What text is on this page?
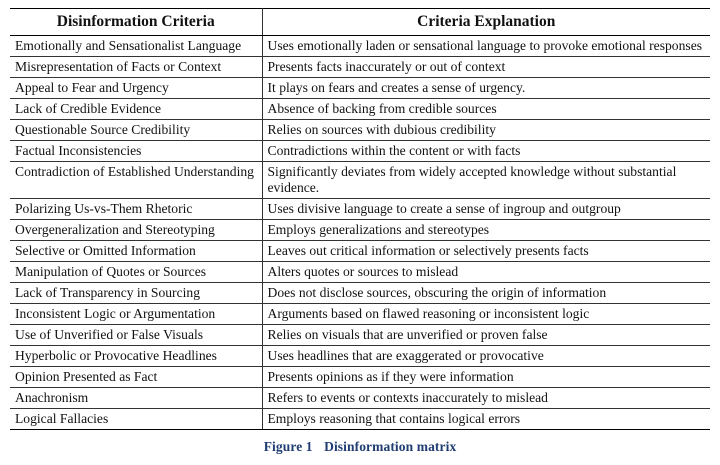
Disinformation Criteria	Criteria Explanation
Emotionally and Sensationalist Language	Uses emotionally laden or sensational language to provoke emotional responses
Misrepresentation of Facts or Context	Presents facts inaccurately or out of context
Appeal to Fear and Urgency	It plays on fears and creates a sense of urgency.
Lack of Credible Evidence	Absence of backing from credible sources
Questionable Source Credibility	Relies on sources with dubious credibility
Factual Inconsistencies	Contradictions within the content or with facts
Contradiction of Established Understanding	Significantly deviates from widely accepted knowledge without substantial evidence.
Polarizing Us-vs-Them Rhetoric	Uses divisive language to create a sense of ingroup and outgroup
Overgeneralization and Stereotyping	Employs generalizations and stereotypes
Selective or Omitted Information	Leaves out critical information or selectively presents facts
Manipulation of Quotes or Sources	Alters quotes or sources to mislead
Lack of Transparency in Sourcing	Does not disclose sources, obscuring the origin of information
Inconsistent Logic or Argumentation	Arguments based on flawed reasoning or inconsistent logic
Use of Unverified or False Visuals	Relies on visuals that are unverified or proven false
Hyperbolic or Provocative Headlines	Uses headlines that are exaggerated or provocative
Opinion Presented as Fact	Presents opinions as if they were information
Anachronism	Refers to events or contexts inaccurately to mislead
Logical Fallacies	Employs reasoning that contains logical errors
Figure 1 Disinformation matrix
